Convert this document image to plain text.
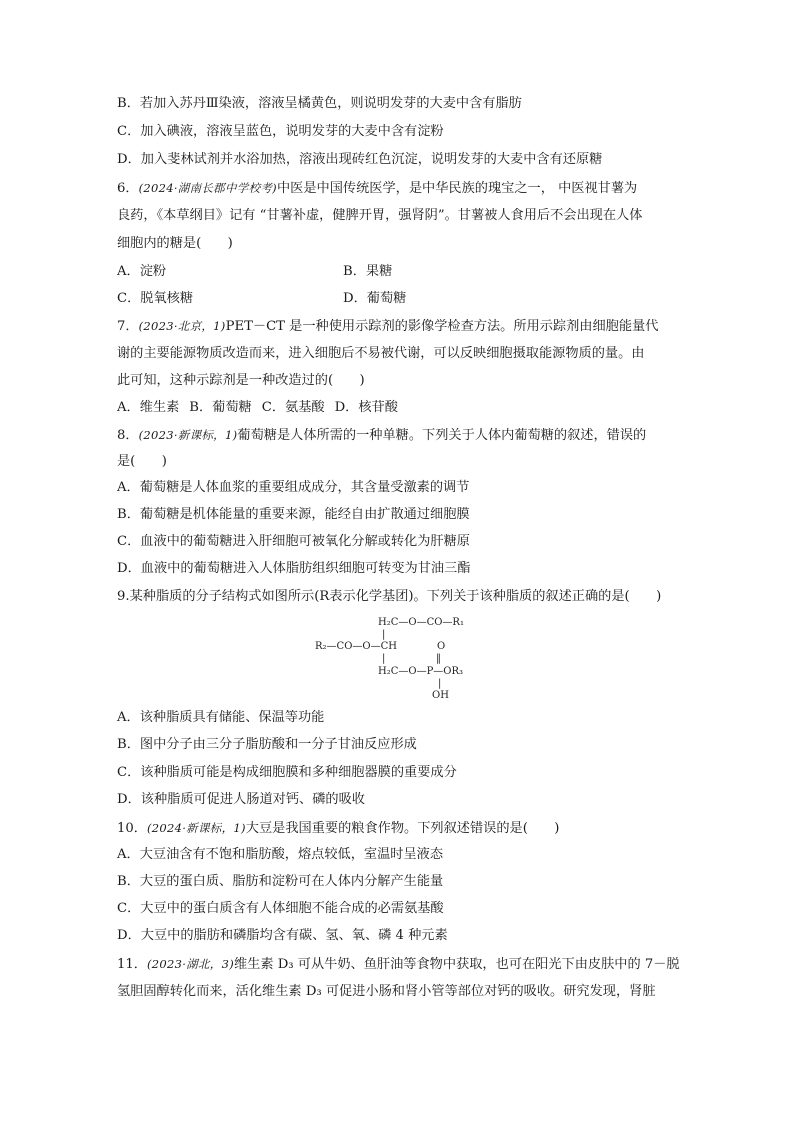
B．若加入苏丹Ⅲ染液，溶液呈橘黄色，则说明发芽的大麦中含有脂肪
C．加入碘液，溶液呈蓝色，说明发芽的大麦中含有淀粉
D．加入斐林试剂并水浴加热，溶液出现砖红色沉淀，说明发芽的大麦中含有还原糖
6．(2024·湖南长郡中学校考)中医是中国传统医学，是中华民族的瑰宝之一， 中医视甘薯为
良药，《本草纲目》记有 “甘薯补虚，健脾开胃，强肾阴”。甘薯被人食用后不会出现在人体
细胞内的糖是(　　)
A．淀粉	B．果糖
C．脱氧核糖	D．葡萄糖
7．(2023·北京，1)PET－CT 是一种使用示踪剂的影像学检查方法。所用示踪剂由细胞能量代
谢的主要能源物质改造而来，进入细胞后不易被代谢，可以反映细胞摄取能源物质的量。由
此可知，这种示踪剂是一种改造过的(　　)
A．维生素 B．葡萄糖 C．氨基酸 D．核苷酸
8．(2023·新课标，1)葡萄糖是人体所需的一种单糖。下列关于人体内葡萄糖的叙述，错误的
是(　　)
A．葡萄糖是人体血浆的重要组成成分，其含量受激素的调节
B．葡萄糖是机体能量的重要来源，能经自由扩散通过细胞膜
C．血液中的葡萄糖进入肝细胞可被氧化分解或转化为肝糖原
D．血液中的葡萄糖进入人体脂肪组织细胞可转变为甘油三酯
9.某种脂质的分子结构式如图所示(R表示化学基团)。下列关于该种脂质的叙述正确的是(　　)
H₂C—O—CO—R₁
|
R₂—CO—O—CH	O
|	‖
H₂C—O—P—OR₃
|
OH
A．该种脂质具有储能、保温等功能
B．图中分子由三分子脂肪酸和一分子甘油反应形成
C．该种脂质可能是构成细胞膜和多种细胞器膜的重要成分
D．该种脂质可促进人肠道对钙、磷的吸收
10．(2024·新课标，1)大豆是我国重要的粮食作物。下列叙述错误的是(　　)
A．大豆油含有不饱和脂肪酸，熔点较低，室温时呈液态
B．大豆的蛋白质、脂肪和淀粉可在人体内分解产生能量
C．大豆中的蛋白质含有人体细胞不能合成的必需氨基酸
D．大豆中的脂肪和磷脂均含有碳、氢、氧、磷 4 种元素
11．(2023·湖北，3)维生素 D₃ 可从牛奶、鱼肝油等食物中获取，也可在阳光下由皮肤中的 7－脱
氢胆固醇转化而来，活化维生素 D₃ 可促进小肠和肾小管等部位对钙的吸收。研究发现，肾脏
